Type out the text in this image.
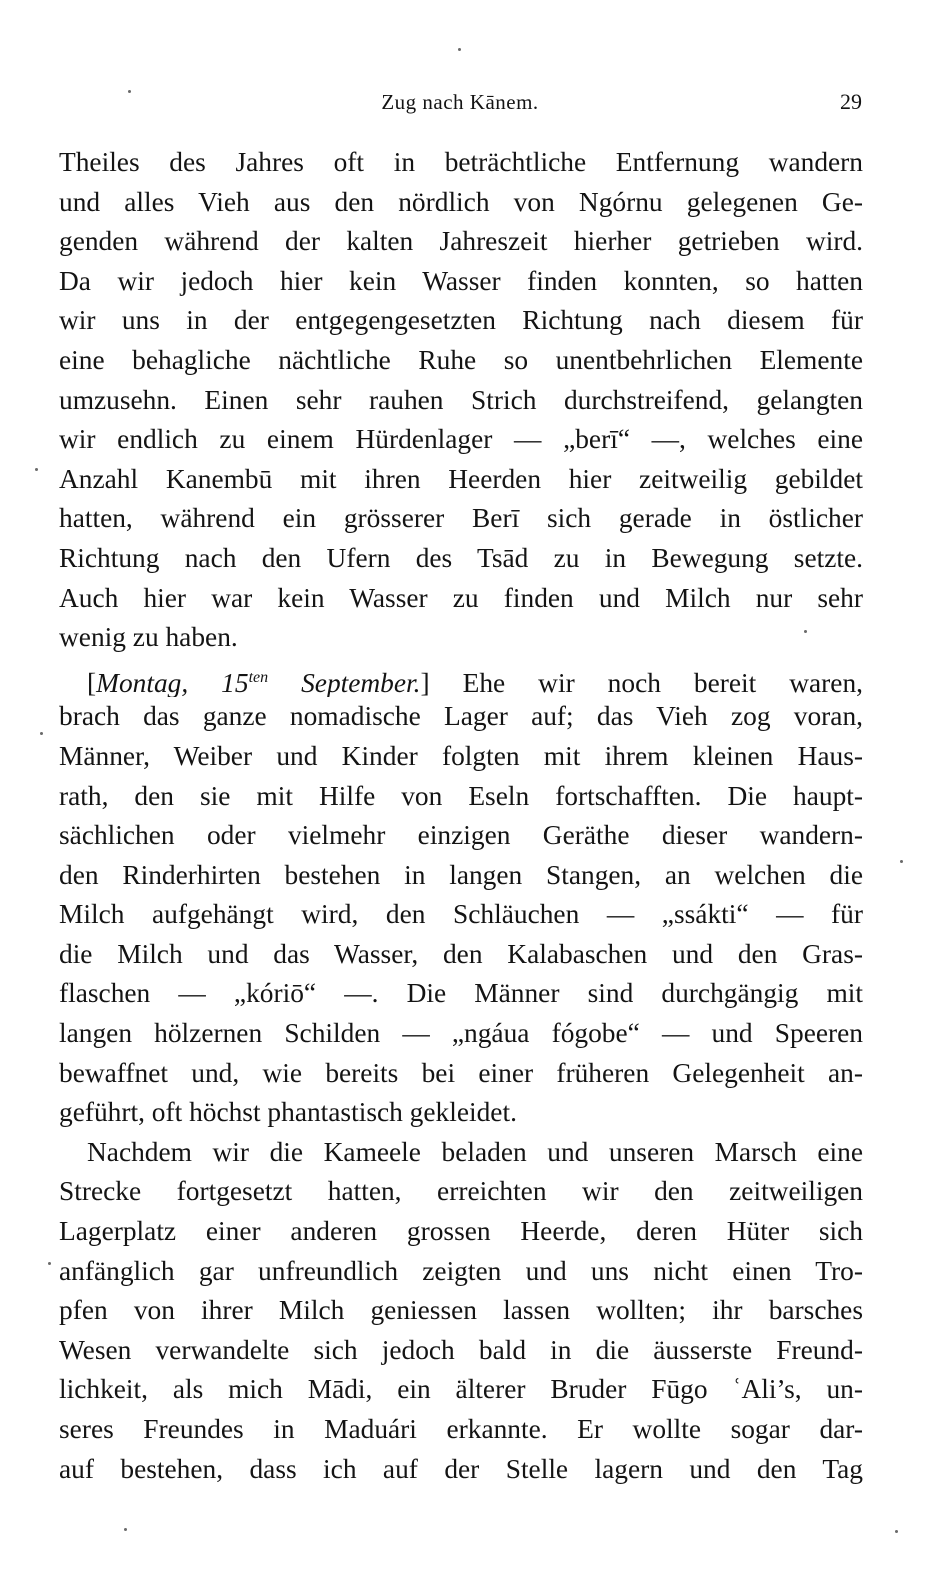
Zug nach Kānem.	29
Theiles des Jahres oft in beträchtliche Entfernung wandern
und alles Vieh aus den nördlich von Ngórnu gelegenen Ge-
genden während der kalten Jahreszeit hierher getrieben wird.
Da wir jedoch hier kein Wasser finden konnten, so hatten
wir uns in der entgegengesetzten Richtung nach diesem für
eine behagliche nächtliche Ruhe so unentbehrlichen Elemente
umzusehn. Einen sehr rauhen Strich durchstreifend, gelangten
wir endlich zu einem Hürdenlager — „berī“ —, welches eine
Anzahl Kanembū mit ihren Heerden hier zeitweilig gebildet
hatten, während ein grösserer Berī sich gerade in östlicher
Richtung nach den Ufern des Tsād zu in Bewegung setzte.
Auch hier war kein Wasser zu finden und Milch nur sehr
wenig zu haben.
[Montag, $15^{ten}$ September.] Ehe wir noch bereit waren,
brach das ganze nomadische Lager auf; das Vieh zog voran,
Männer, Weiber und Kinder folgten mit ihrem kleinen Haus-
rath, den sie mit Hilfe von Eseln fortschafften. Die haupt-
sächlichen oder vielmehr einzigen Geräthe dieser wandern-
den Rinderhirten bestehen in langen Stangen, an welchen die
Milch aufgehängt wird, den Schläuchen — „ssákti“ — für
die Milch und das Wasser, den Kalabaschen und den Gras-
flaschen — „kóriō“ —. Die Männer sind durchgängig mit
langen hölzernen Schilden — „ngáua fógobe“ — und Speeren
bewaffnet und, wie bereits bei einer früheren Gelegenheit an-
geführt, oft höchst phantastisch gekleidet.
Nachdem wir die Kameele beladen und unseren Marsch eine
Strecke fortgesetzt hatten, erreichten wir den zeitweiligen
Lagerplatz einer anderen grossen Heerde, deren Hüter sich
anfänglich gar unfreundlich zeigten und uns nicht einen Tro-
pfen von ihrer Milch geniessen lassen wollten; ihr barsches
Wesen verwandelte sich jedoch bald in die äusserste Freund-
lichkeit, als mich Mādi, ein älterer Bruder Fūgo ʿAli’s, un-
seres Freundes in Maduári erkannte. Er wollte sogar dar-
auf bestehen, dass ich auf der Stelle lagern und den Tag
